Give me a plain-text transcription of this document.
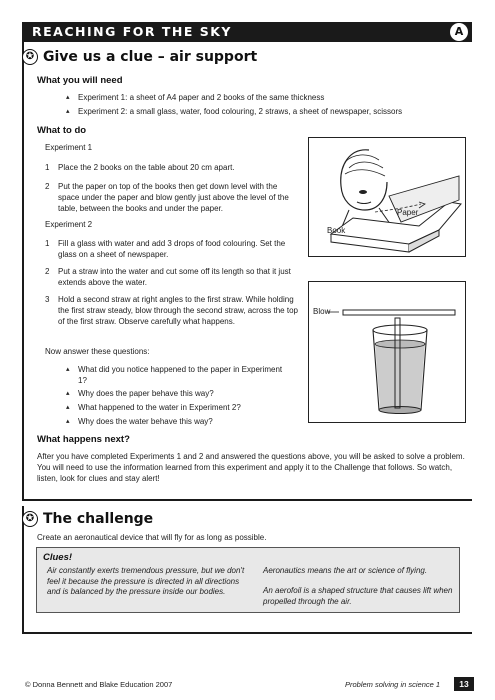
REACHING FOR THE SKY	A
✪ Give us a clue – air support
What you will need
▴ Experiment 1: a sheet of A4 paper and 2 books of the same thickness
▴ Experiment 2: a small glass, water, food colouring, 2 straws, a sheet of newspaper, scissors
What to do
Experiment 1
1 Place the 2 books on the table about 20 cm apart.
2 Put the paper on top of the books then get down level with the space under the paper and blow gently just above the level of the table, between the books and under the paper.
Experiment 2
1 Fill a glass with water and add 3 drops of food colouring. Set the glass on a sheet of newspaper.
2 Put a straw into the water and cut some off its length so that it just extends above the water.
3 Hold a second straw at right angles to the first straw. While holding the first straw steady, blow through the second straw, across the top of the first straw. Observe carefully what happens.
Now answer these questions:
▴ What did you notice happened to the paper in Experiment 1?
▴ Why does the paper behave this way?
▴ What happened to the water in Experiment 2?
▴ Why does the water behave this way?
What happens next?
After you have completed Experiments 1 and 2 and answered the questions above, you will be asked to solve a problem. You will need to use the information learned from this experiment and apply it to the Challenge that follows. So watch, listen, look for clues and stay alert!
Paper
Book
Blow
✪ The challenge
Create an aeronautical device that will fly for as long as possible.
Clues!
Air constantly exerts tremendous pressure, but we don't feel it because the pressure is directed in all directions and is balanced by the pressure inside our bodies.
Aeronautics means the art or science of flying.
An aerofoil is a shaped structure that causes lift when propelled through the air.
© Donna Bennett and Blake Education 2007	Problem solving in science 1	13
